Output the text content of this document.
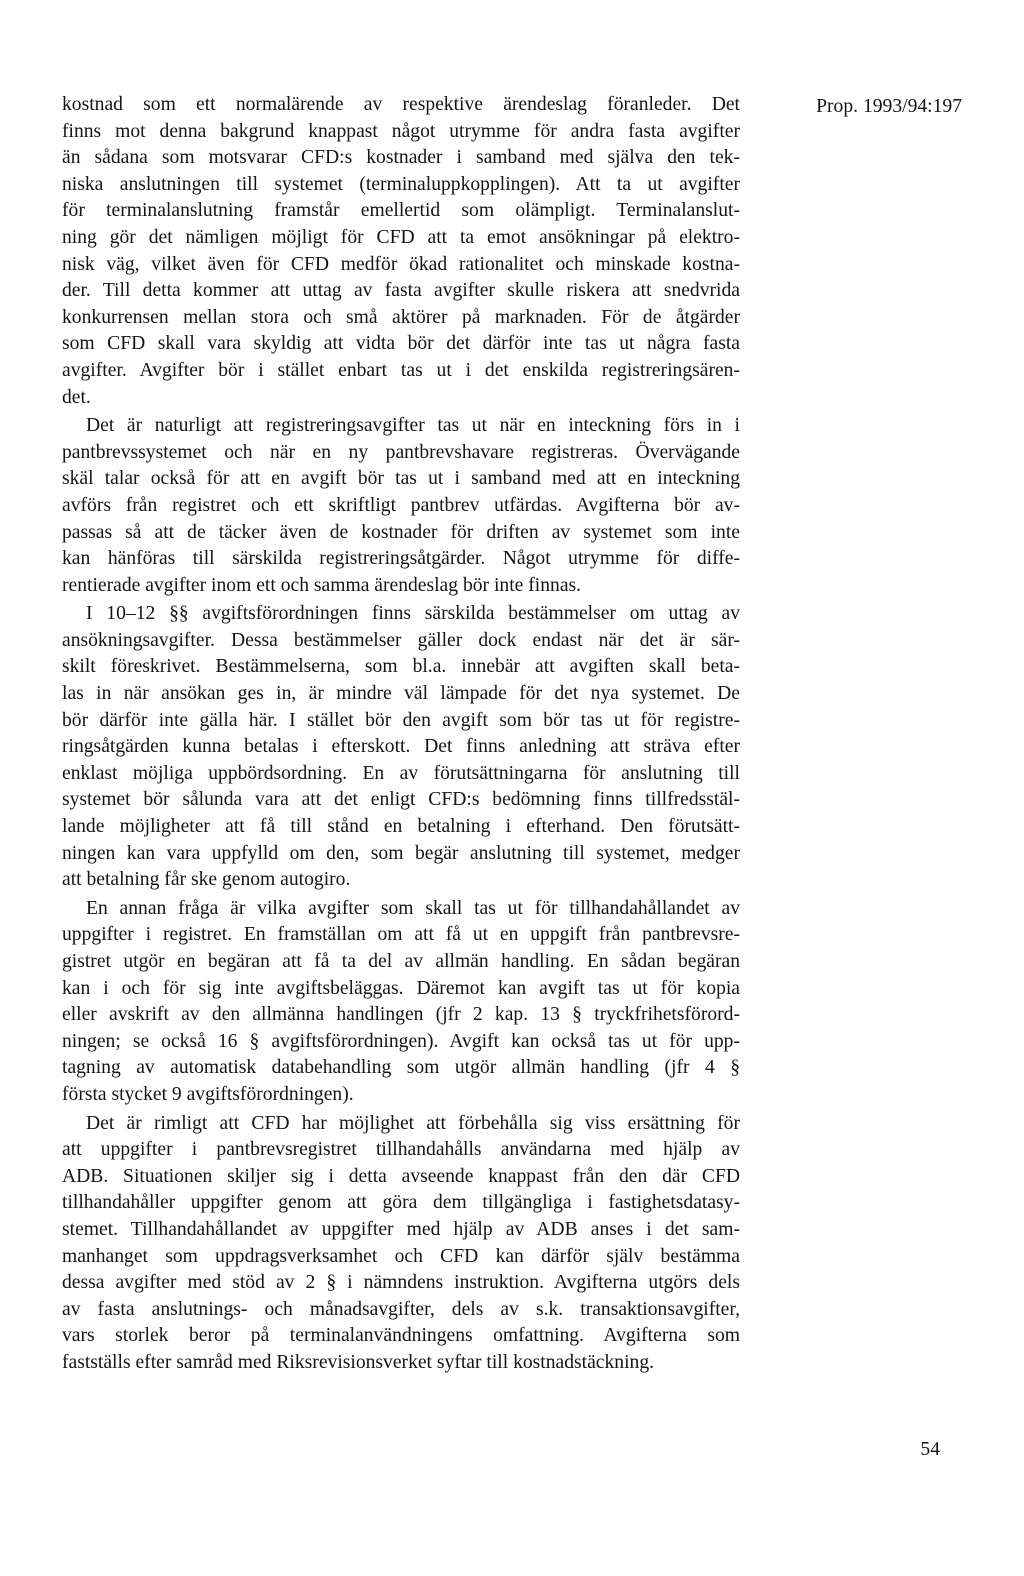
Prop. 1993/94:197
kostnad som ett normalärende av respektive ärendeslag föranleder. Det
finns mot denna bakgrund knappast något utrymme för andra fasta avgifter
än sådana som motsvarar CFD:s kostnader i samband med själva den tek-
niska anslutningen till systemet (terminaluppkopplingen). Att ta ut avgifter
för terminalanslutning framstår emellertid som olämpligt. Terminalanslut-
ning gör det nämligen möjligt för CFD att ta emot ansökningar på elektro-
nisk väg, vilket även för CFD medför ökad rationalitet och minskade kostna-
der. Till detta kommer att uttag av fasta avgifter skulle riskera att snedvrida
konkurrensen mellan stora och små aktörer på marknaden. För de åtgärder
som CFD skall vara skyldig att vidta bör det därför inte tas ut några fasta
avgifter. Avgifter bör i stället enbart tas ut i det enskilda registreringsären-
det.
Det är naturligt att registreringsavgifter tas ut när en inteckning förs in i
pantbrevssystemet och när en ny pantbrevshavare registreras. Övervägande
skäl talar också för att en avgift bör tas ut i samband med att en inteckning
avförs från registret och ett skriftligt pantbrev utfärdas. Avgifterna bör av-
passas så att de täcker även de kostnader för driften av systemet som inte
kan hänföras till särskilda registreringsåtgärder. Något utrymme för diffe-
rentierade avgifter inom ett och samma ärendeslag bör inte finnas.
I 10–12 §§ avgiftsförordningen finns särskilda bestämmelser om uttag av
ansökningsavgifter. Dessa bestämmelser gäller dock endast när det är sär-
skilt föreskrivet. Bestämmelserna, som bl.a. innebär att avgiften skall beta-
las in när ansökan ges in, är mindre väl lämpade för det nya systemet. De
bör därför inte gälla här. I stället bör den avgift som bör tas ut för registre-
ringsåtgärden kunna betalas i efterskott. Det finns anledning att sträva efter
enklast möjliga uppbördsordning. En av förutsättningarna för anslutning till
systemet bör sålunda vara att det enligt CFD:s bedömning finns tillfredsstäl-
lande möjligheter att få till stånd en betalning i efterhand. Den förutsätt-
ningen kan vara uppfylld om den, som begär anslutning till systemet, medger
att betalning får ske genom autogiro.
En annan fråga är vilka avgifter som skall tas ut för tillhandahållandet av
uppgifter i registret. En framställan om att få ut en uppgift från pantbrevsre-
gistret utgör en begäran att få ta del av allmän handling. En sådan begäran
kan i och för sig inte avgiftsbeläggas. Däremot kan avgift tas ut för kopia
eller avskrift av den allmänna handlingen (jfr 2 kap. 13 § tryckfrihetsförord-
ningen; se också 16 § avgiftsförordningen). Avgift kan också tas ut för upp-
tagning av automatisk databehandling som utgör allmän handling (jfr 4 §
första stycket 9 avgiftsförordningen).
Det är rimligt att CFD har möjlighet att förbehålla sig viss ersättning för
att uppgifter i pantbrevsregistret tillhandahålls användarna med hjälp av
ADB. Situationen skiljer sig i detta avseende knappast från den där CFD
tillhandahåller uppgifter genom att göra dem tillgängliga i fastighetsdatasy-
stemet. Tillhandahållandet av uppgifter med hjälp av ADB anses i det sam-
manhanget som uppdragsverksamhet och CFD kan därför själv bestämma
dessa avgifter med stöd av 2 § i nämndens instruktion. Avgifterna utgörs dels
av fasta anslutnings- och månadsavgifter, dels av s.k. transaktionsavgifter,
vars storlek beror på terminalanvändningens omfattning. Avgifterna som
fastställs efter samråd med Riksrevisionsverket syftar till kostnadstäckning.
54
